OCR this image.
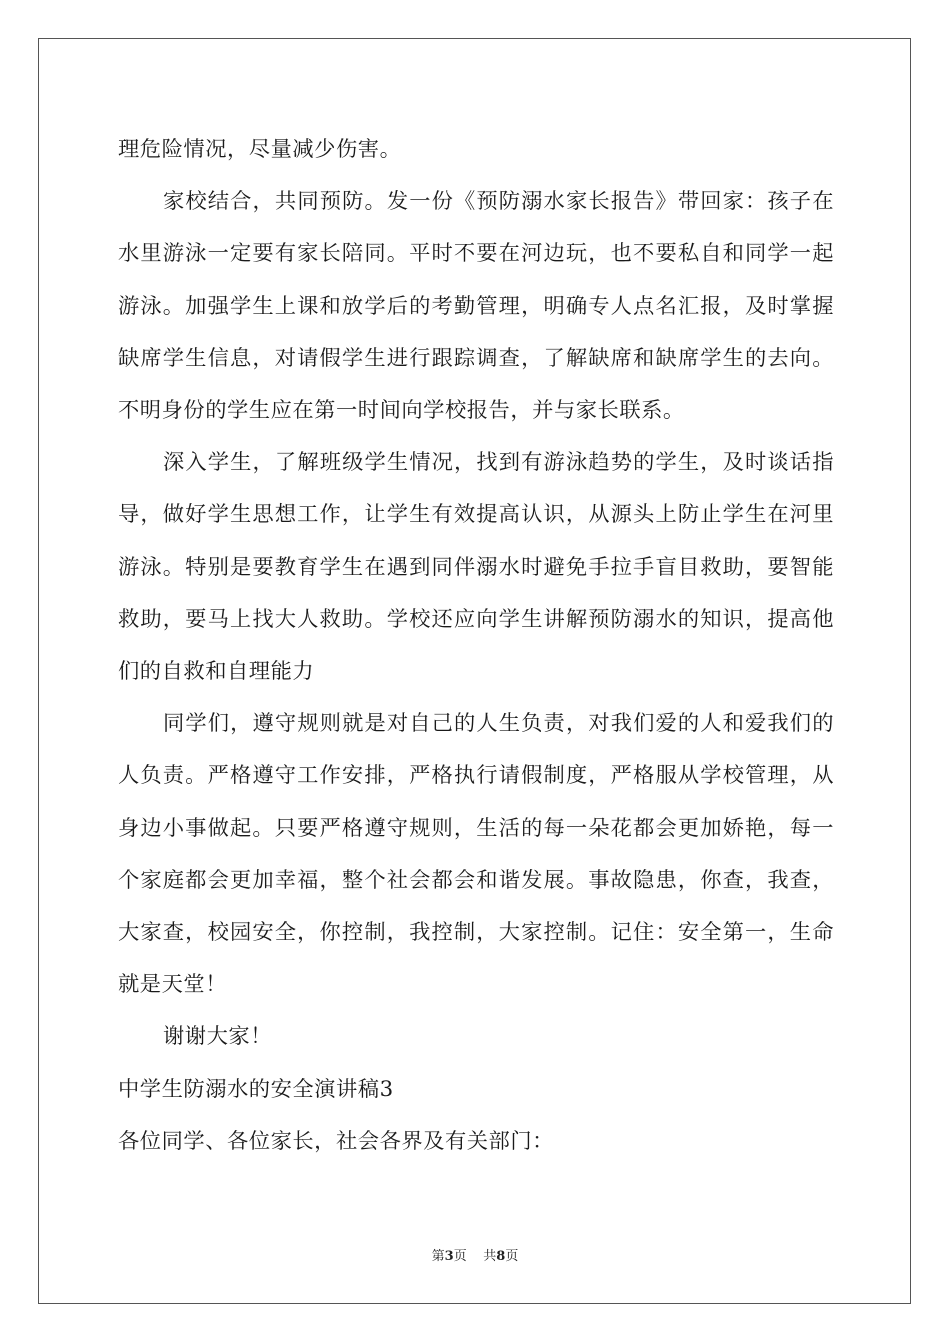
理危险情况，尽量减少伤害。

家校结合，共同预防。发一份《预防溺水家长报告》带回家：孩子在水里游泳一定要有家长陪同。平时不要在河边玩，也不要私自和同学一起游泳。加强学生上课和放学后的考勤管理，明确专人点名汇报，及时掌握缺席学生信息，对请假学生进行跟踪调查，了解缺席和缺席学生的去向。不明身份的学生应在第一时间向学校报告，并与家长联系。

深入学生，了解班级学生情况，找到有游泳趋势的学生，及时谈话指导，做好学生思想工作，让学生有效提高认识，从源头上防止学生在河里游泳。特别是要教育学生在遇到同伴溺水时避免手拉手盲目救助，要智能救助，要马上找大人救助。学校还应向学生讲解预防溺水的知识，提高他们的自救和自理能力

同学们，遵守规则就是对自己的人生负责，对我们爱的人和爱我们的人负责。严格遵守工作安排，严格执行请假制度，严格服从学校管理，从身边小事做起。只要严格遵守规则，生活的每一朵花都会更加娇艳，每一个家庭都会更加幸福，整个社会都会和谐发展。事故隐患，你查，我查，大家查，校园安全，你控制，我控制，大家控制。记住：安全第一，生命就是天堂！

谢谢大家！

中学生防溺水的安全演讲稿3

各位同学、各位家长，社会各界及有关部门：

第3页 共8页
